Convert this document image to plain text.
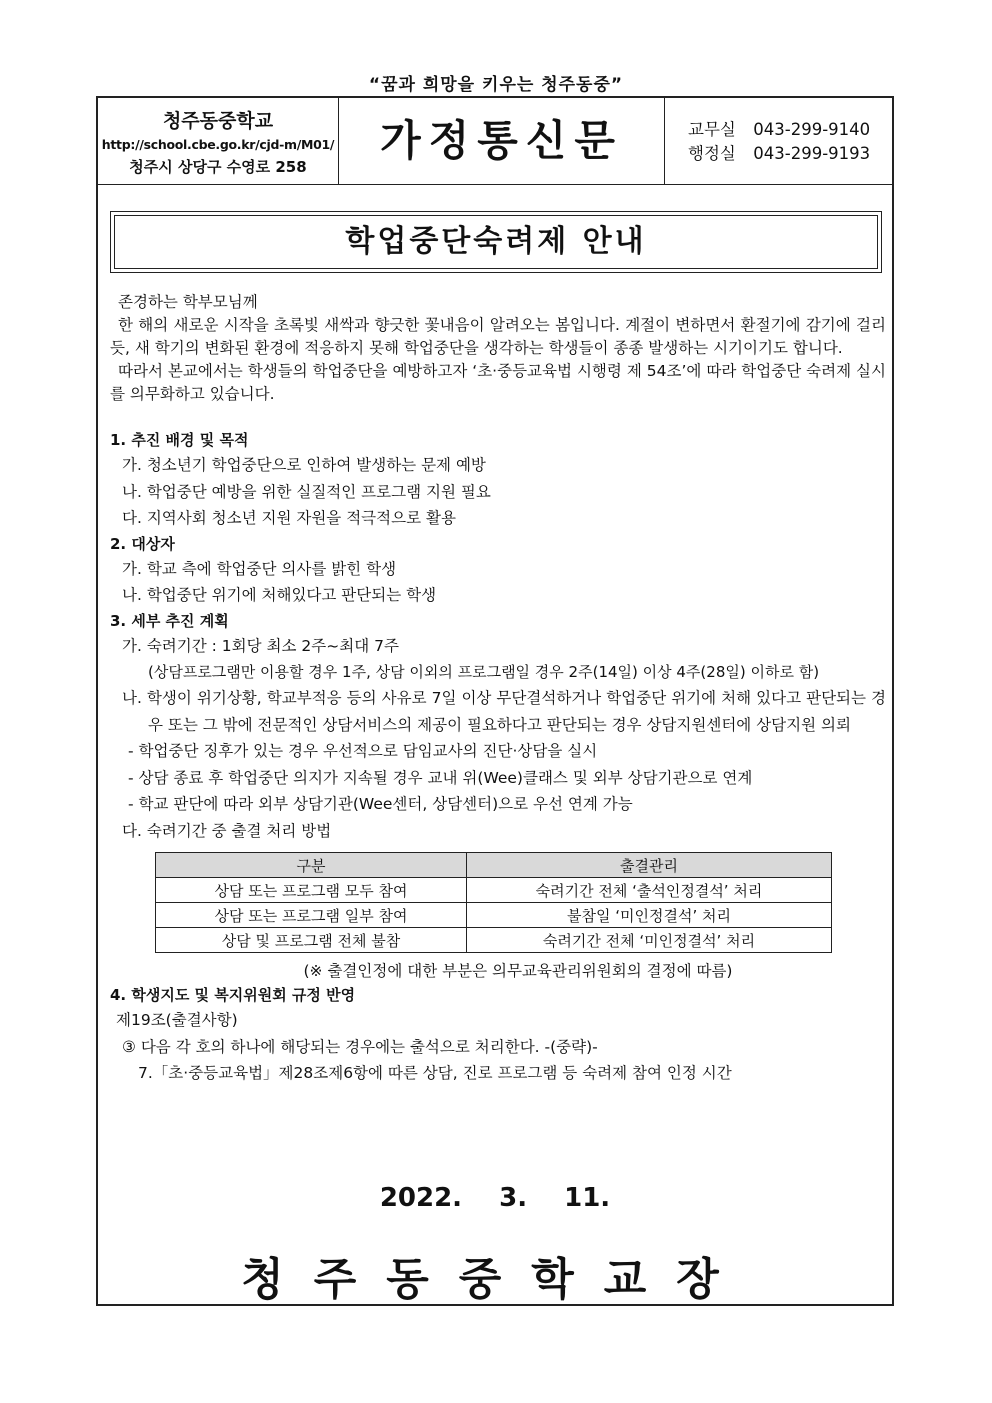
“꿈과 희망을 키우는 청주동중”
청주동중학교
http://school.cbe.go.kr/cjd-m/M01/
청주시 상당구 수영로 258
가정통신문	교무실 043-299-9140
행정실 043-299-9193
학업중단숙려제 안내
존경하는 학부모님께
한 해의 새로운 시작을 초록빛 새싹과 향긋한 꽃내음이 알려오는 봄입니다. 계절이 변하면서 환절기에 감기에 걸리듯, 새 학기의 변화된 환경에 적응하지 못해 학업중단을 생각하는 학생들이 종종 발생하는 시기이기도 합니다.
따라서 본교에서는 학생들의 학업중단을 예방하고자 ‘초·중등교육법 시행령 제 54조’에 따라 학업중단 숙려제 실시를 의무화하고 있습니다.
1. 추진 배경 및 목적
가. 청소년기 학업중단으로 인하여 발생하는 문제 예방
나. 학업중단 예방을 위한 실질적인 프로그램 지원 필요
다. 지역사회 청소년 지원 자원을 적극적으로 활용
2. 대상자
가. 학교 측에 학업중단 의사를 밝힌 학생
나. 학업중단 위기에 처해있다고 판단되는 학생
3. 세부 추진 계획
가. 숙려기간 : 1회당 최소 2주~최대 7주
(상담프로그램만 이용할 경우 1주, 상담 이외의 프로그램일 경우 2주(14일) 이상 4주(28일) 이하로 함)
나. 학생이 위기상황, 학교부적응 등의 사유로 7일 이상 무단결석하거나 학업중단 위기에 처해 있다고 판단되는 경우 또는 그 밖에 전문적인 상담서비스의 제공이 필요하다고 판단되는 경우 상담지원센터에 상담지원 의뢰
- 학업중단 징후가 있는 경우 우선적으로 담임교사의 진단·상담을 실시
- 상담 종료 후 학업중단 의지가 지속될 경우 교내 위(Wee)클래스 및 외부 상담기관으로 연계
- 학교 판단에 따라 외부 상담기관(Wee센터, 상담센터)으로 우선 연계 가능
다. 숙려기간 중 출결 처리 방법
구분	출결관리
상담 또는 프로그램 모두 참여	숙려기간 전체 ‘출석인정결석’ 처리
상담 또는 프로그램 일부 참여	불참일 ‘미인정결석’ 처리
상담 및 프로그램 전체 불참	숙려기간 전체 ‘미인정결석’ 처리
(※ 출결인정에 대한 부분은 의무교육관리위원회의 결정에 따름)
4. 학생지도 및 복지위원회 규정 반영
제19조(출결사항)
③ 다음 각 호의 하나에 해당되는 경우에는 출석으로 처리한다. -(중략)-
7.「초·중등교육법」제28조제6항에 따른 상담, 진로 프로그램 등 숙려제 참여 인정 시간
2022. 3. 11.
청주동중학교장
